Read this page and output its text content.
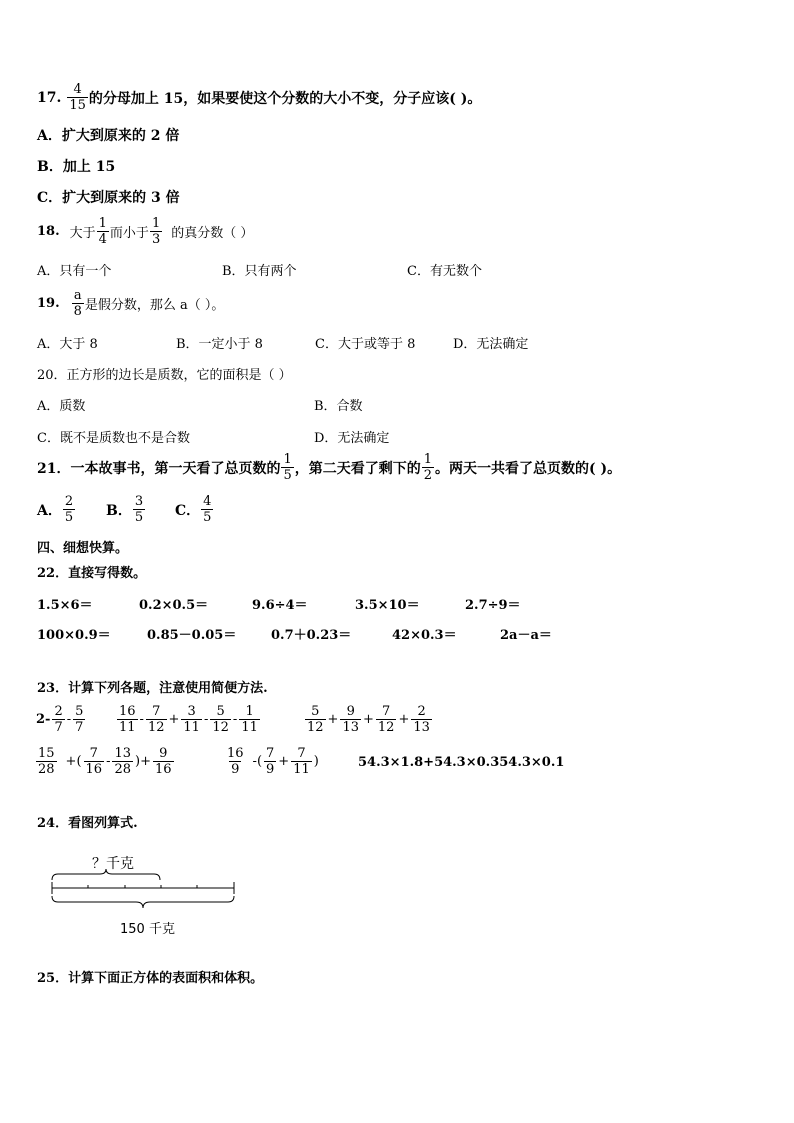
17. $\frac{4}{15}$ 的分母加上 15，如果要使这个分数的大小不变，分子应该( )。
A．扩大到原来的 2 倍
B．加上 15
C．扩大到原来的 3 倍
18. 大于 $\frac{1}{4}$ 而小于 $\frac{1}{3}$ 的真分数（ ）
A．只有一个	B．只有两个	C．有无数个
19. $\frac{a}{8}$ 是假分数，那么 a（ ）。
A．大于 8	B．一定小于 8	C．大于或等于 8	D．无法确定
20．正方形的边长是质数，它的面积是（ ）
A．质数	B．合数
C．既不是质数也不是合数	D．无法确定
21．一本故事书，第一天看了总页数的 $\frac{1}{5}$ ，第二天看了剩下的 $\frac{1}{2}$ 。两天一共看了总页数的( )。
A． $\frac{2}{5}$ B． $\frac{3}{5}$ C． $\frac{4}{5}$
四、细想快算。
22．直接写得数。
1.5×6＝	0.2×0.5＝	9.6÷4＝	3.5×10＝	2.7÷9＝
100×0.9＝	0.85－0.05＝	0.7＋0.23＝	42×0.3＝	2a－a＝
23．计算下列各题，注意使用简便方法.
$2- \frac{2}{7} - \frac{5}{7} \frac{16}{11} - \frac{7}{12} + \frac{3}{11} - \frac{5}{12} - \frac{1}{11}$	$\frac{5}{12} + \frac{9}{13} + \frac{7}{12} + \frac{2}{13}$
$\frac{15}{28}$ +( $\frac{7}{16} - \frac{13}{28}$ )+ $\frac{9}{16}$	$\frac{16}{9}$ -( $\frac{7}{9} + \frac{7}{11}$ )	54.3×1.8+54.3×0.354.3×0.1
24．看图列算式.
？千克
150 千克
25．计算下面正方体的表面积和体积。
